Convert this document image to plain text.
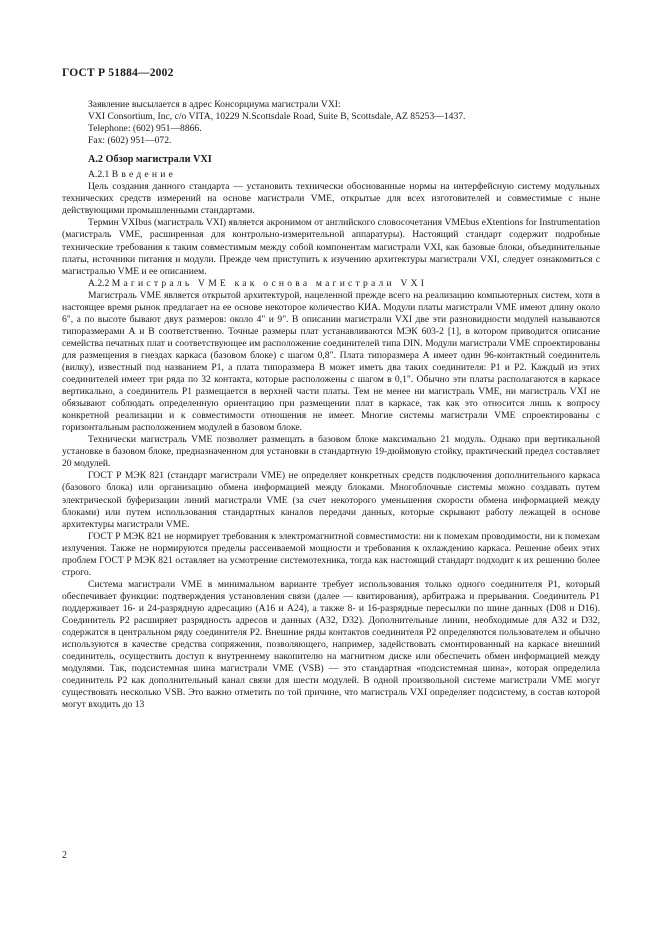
ГОСТ Р 51884—2002

Заявление высылается в адрес Консорциума магистрали VXI:

VXI Consortium, Inc, c/o VITA, 10229 N.Scottsdale Road, Suite B, Scottsdale, AZ 85253—1437.

Telephone: (602) 951—8866.

Fax: (602) 951—072.

А.2 Обзор магистрали VXI

А.2.1 Введение

Цель создания данного стандарта — установить технически обоснованные нормы на интерфейсную систему модульных технических средств измерений на основе магистрали VME, открытые для всех изготовителей и совместимые с ныне действующими промышленными стандартами.

Термин VXIbus (магистраль VXI) является акронимом от английского словосочетания VMEbus eXtentions for Instrumentation (магистраль VME, расширенная для контрольно-измерительной аппаратуры). Настоящий стандарт содержит подробные технические требования к таким совместимым между собой компонентам магистрали VXI, как базовые блоки, объединительные платы, источники питания и модули. Прежде чем приступить к изучению архитектуры магистрали VXI, следует ознакомиться с магистралью VME и ее описанием.

А.2.2 Магистраль VME как основа магистрали VXI

Магистраль VME является открытой архитектурой, нацеленной прежде всего на реализацию компьютерных систем, хотя в настоящее время рынок предлагает на ее основе некоторое количество КИА. Модули платы магистрали VME имеют длину около 6", а по высоте бывают двух размеров: около 4" и 9". В описании магистрали VXI две эти разновидности модулей называются типоразмерами А и В соответственно. Точные размеры плат устанавливаются МЭК 603-2 [1], в котором приводится описание семейства печатных плат и соответствующее им расположение соединителей типа DIN. Модули магистрали VME спроектированы для размещения в гнездах каркаса (базовом блоке) с шагом 0,8". Плата типоразмера А имеет один 96-контактный соединитель (вилку), известный под названием P1, а плата типоразмера В может иметь два таких соединителя: P1 и P2. Каждый из этих соединителей имеет три ряда по 32 контакта, которые расположены с шагом в 0,1". Обычно эти платы располагаются в каркасе вертикально, а соединитель P1 размещается в верхней части платы. Тем не менее ни магистраль VME, ни магистраль VXI не обязывают соблюдать определенную ориентацию при размещении плат в каркасе, так как это относится лишь к вопросу конкретной реализации и к совместимости отношения не имеет. Многие системы магистрали VME спроектированы с горизонтальным расположением модулей в базовом блоке.

Технически магистраль VME позволяет размещать в базовом блоке максимально 21 модуль. Однако при вертикальной установке в базовом блоке, предназначенном для установки в стандартную 19-дюймовую стойку, практический предел составляет 20 модулей.

ГОСТ Р МЭК 821 (стандарт магистрали VME) не определяет конкретных средств подключения дополнительного каркаса (базового блока) или организацию обмена информацией между блоками. Многоблочные системы можно создавать путем электрической буферизации линий магистрали VME (за счет некоторого уменьшения скорости обмена информацией между блоками) или путем использования стандартных каналов передачи данных, которые скрывают работу лежащей в основе архитектуры магистрали VME.

ГОСТ Р МЭК 821 не нормирует требования к электромагнитной совместимости: ни к помехам проводимости, ни к помехам излучения. Также не нормируются пределы рассеиваемой мощности и требования к охлаждению каркаса. Решение обеих этих проблем ГОСТ Р МЭК 821 оставляет на усмотрение системотехника, тогда как настоящий стандарт подходит к их решению более строго.

Система магистрали VME в минимальном варианте требует использования только одного соединителя P1, который обеспечивает функции: подтверждения установления связи (далее — квитирования), арбитража и прерывания. Соединитель P1 поддерживает 16- и 24-разрядную адресацию (A16 и A24), а также 8- и 16-разрядные пересылки по шине данных (D08 и D16). Соединитель P2 расширяет разрядность адресов и данных (A32, D32). Дополнительные линии, необходимые для A32 и D32, содержатся в центральном ряду соединителя P2. Внешние ряды контактов соединителя P2 определяются пользователем и обычно используются в качестве средства сопряжения, позволяющего, например, задействовать смонтированный на каркасе внешний соединитель, осуществить доступ к внутреннему накопителю на магнитном диске или обеспечить обмен информацией между модулями. Так, подсистемная шина магистрали VME (VSB) — это стандартная «подсистемная шина», которая определила соединитель P2 как дополнительный канал связи для шести модулей. В одной произвольной системе магистрали VME могут существовать несколько VSB. Это важно отметить по той причине, что магистраль VXI определяет подсистему, в состав которой могут входить до 13

2
